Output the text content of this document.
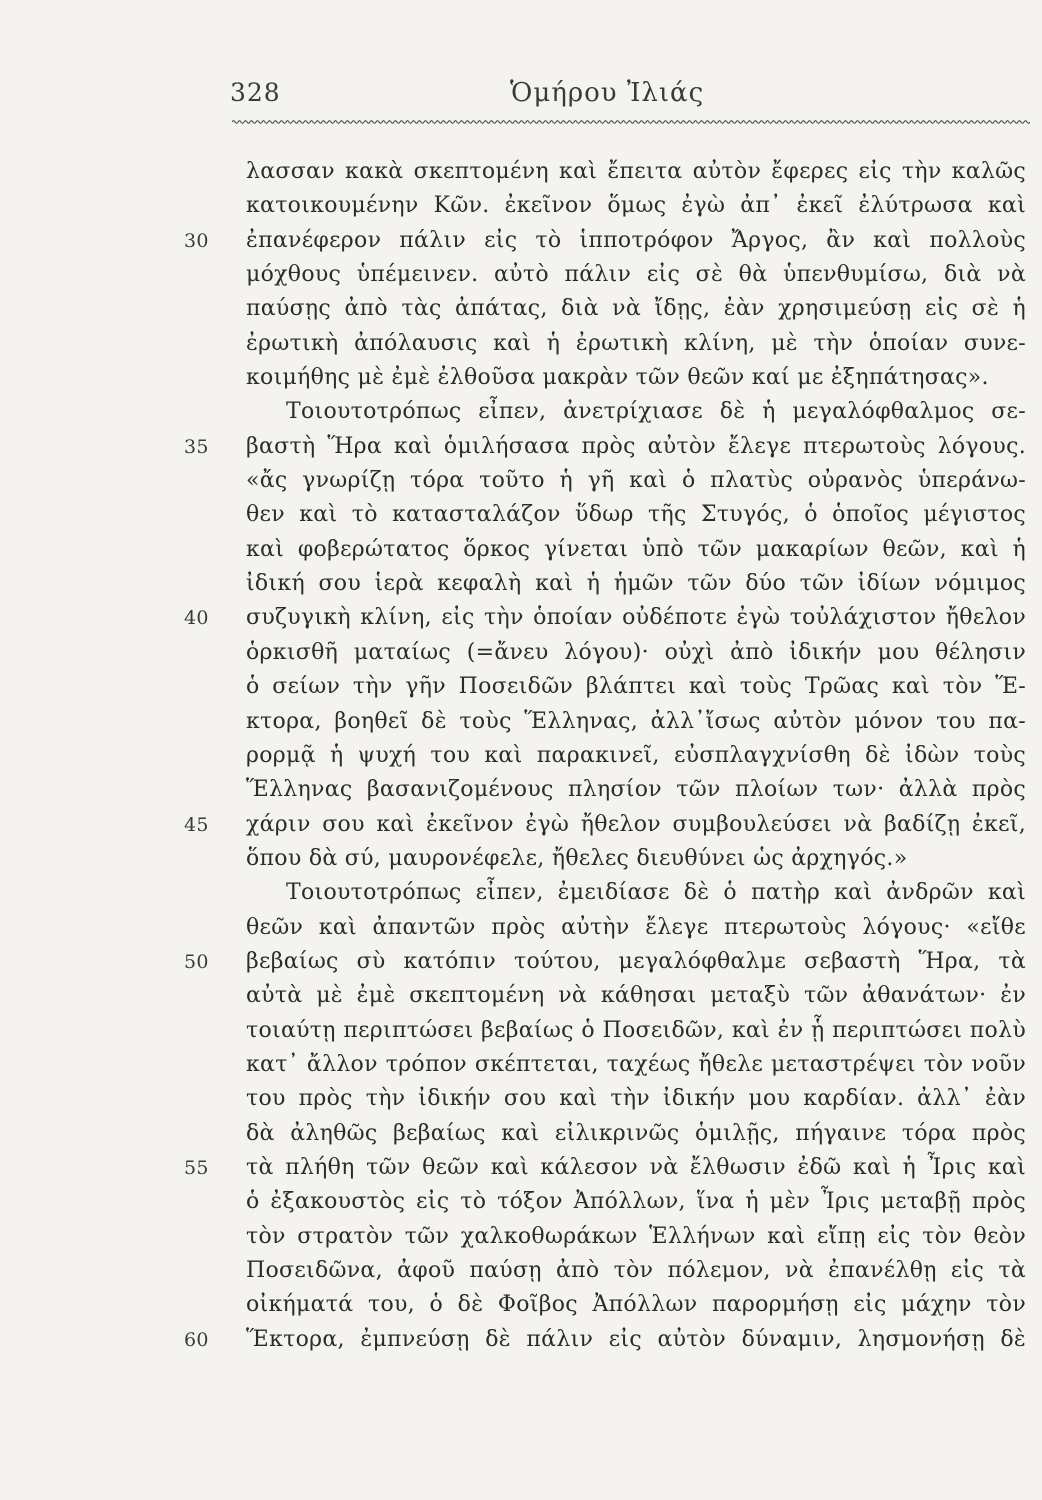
328	Ὁμήρου Ἰλιάς
λασσαν κακὰ σκεπτομένη καὶ ἔπειτα αὐτὸν ἔφερες εἰς τὴν καλῶς
κατοικουμένην Κῶν. ἐκεῖνον ὅμως ἐγὼ ἀπ᾽ ἐκεῖ ἐλύτρωσα καὶ
ἐπανέφερον πάλιν εἰς τὸ ἱπποτρόφον Ἄργος, ἂν καὶ πολλοὺς
30
μόχθους ὑπέμεινεν. αὐτὸ πάλιν εἰς σὲ θὰ ὑπενθυμίσω, διὰ νὰ
παύσῃς ἀπὸ τὰς ἀπάτας, διὰ νὰ ἴδῃς, ἐὰν χρησιμεύσῃ εἰς σὲ ἡ
ἐρωτικὴ ἀπόλαυσις καὶ ἡ ἐρωτικὴ κλίνη, μὲ τὴν ὁποίαν συνε-
κοιμήθης μὲ ἐμὲ ἐλθοῦσα μακρὰν τῶν θεῶν καί με ἐξηπάτησας».
Τοιουτοτρόπως εἶπεν, ἀνετρίχιασε δὲ ἡ μεγαλόφθαλμος σε-
βαστὴ Ἥρα καὶ ὁμιλήσασα πρὸς αὐτὸν ἔλεγε πτερωτοὺς λόγους.
35
«ἄς γνωρίζῃ τόρα τοῦτο ἡ γῆ καὶ ὁ πλατὺς οὐρανὸς ὑπεράνω-
θεν καὶ τὸ κατασταλάζον ὕδωρ τῆς Στυγός, ὁ ὁποῖος μέγιστος
καὶ φοβερώτατος ὅρκος γίνεται ὑπὸ τῶν μακαρίων θεῶν, καὶ ἡ
ἰδική σου ἱερὰ κεφαλὴ καὶ ἡ ἡμῶν τῶν δύο τῶν ἰδίων νόμιμος
συζυγικὴ κλίνη, εἰς τὴν ὁποίαν οὐδέποτε ἐγὼ τοὐλάχιστον ἤθελον
40
ὁρκισθῆ ματαίως (=ἄνευ λόγου)· οὐχὶ ἀπὸ ἰδικήν μου θέλησιν
ὁ σείων τὴν γῆν Ποσειδῶν βλάπτει καὶ τοὺς Τρῶας καὶ τὸν Ἕ-
κτορα, βοηθεῖ δὲ τοὺς Ἕλληνας, ἀλλ᾽ἴσως αὐτὸν μόνον του πα-
ρορμᾷ ἡ ψυχή του καὶ παρακινεῖ, εὐσπλαγχνίσθη δὲ ἰδὼν τοὺς
Ἕλληνας βασανιζομένους πλησίον τῶν πλοίων των· ἀλλὰ πρὸς
χάριν σου καὶ ἐκεῖνον ἐγὼ ἤθελον συμβουλεύσει νὰ βαδίζῃ ἐκεῖ,
45
ὅπου δὰ σύ, μαυρονέφελε, ἤθελες διευθύνει ὡς ἀρχηγός.»
Τοιουτοτρόπως εἶπεν, ἐμειδίασε δὲ ὁ πατὴρ καὶ ἀνδρῶν καὶ
θεῶν καὶ ἀπαντῶν πρὸς αὐτὴν ἔλεγε πτερωτοὺς λόγους· «εἴθε
βεβαίως σὺ κατόπιν τούτου, μεγαλόφθαλμε σεβαστὴ Ἥρα, τὰ
50
αὐτὰ μὲ ἐμὲ σκεπτομένη νὰ κάθησαι μεταξὺ τῶν ἀθανάτων· ἐν
τοιαύτῃ περιπτώσει βεβαίως ὁ Ποσειδῶν, καὶ ἐν ᾗ περιπτώσει πολὺ
κατ᾽ ἄλλον τρόπον σκέπτεται, ταχέως ἤθελε μεταστρέψει τὸν νοῦν
του πρὸς τὴν ἰδικήν σου καὶ τὴν ἰδικήν μου καρδίαν. ἀλλ᾽ ἐὰν
δὰ ἀληθῶς βεβαίως καὶ εἰλικρινῶς ὁμιλῇς, πήγαινε τόρα πρὸς
τὰ πλήθη τῶν θεῶν καὶ κάλεσον νὰ ἔλθωσιν ἐδῶ καὶ ἡ Ἶρις καὶ
55
ὁ ἐξακουστὸς εἰς τὸ τόξον Ἀπόλλων, ἵνα ἡ μὲν Ἶρις μεταβῇ πρὸς
τὸν στρατὸν τῶν χαλκοθωράκων Ἑλλήνων καὶ εἴπῃ εἰς τὸν θεὸν
Ποσειδῶνα, ἀφοῦ παύσῃ ἀπὸ τὸν πόλεμον, νὰ ἐπανέλθῃ εἰς τὰ
οἰκήματά του, ὁ δὲ Φοῖβος Ἀπόλλων παρορμήσῃ εἰς μάχην τὸν
Ἕκτορα, ἐμπνεύσῃ δὲ πάλιν εἰς αὐτὸν δύναμιν, λησμονήσῃ δὲ
60
